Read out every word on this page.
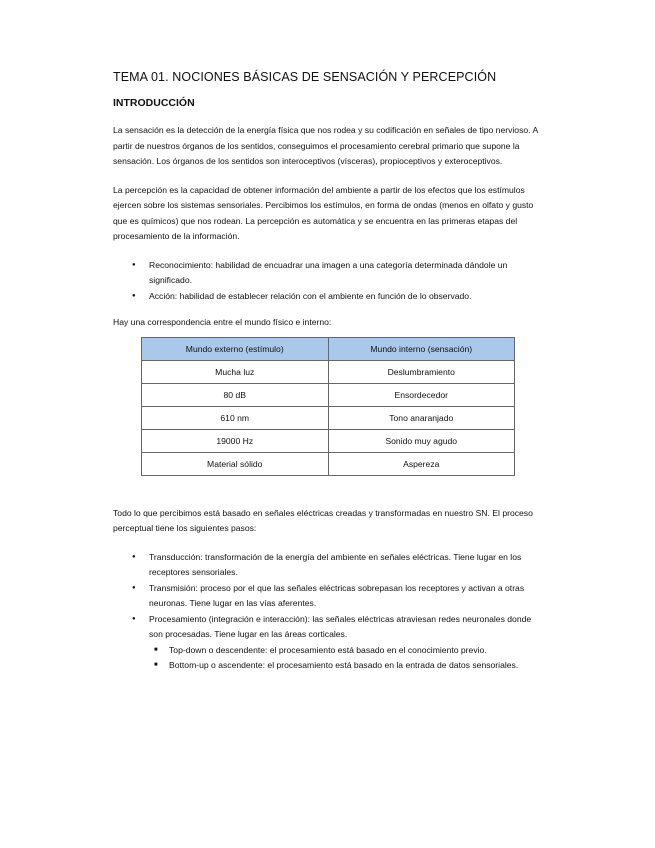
TEMA 01. NOCIONES BÁSICAS DE SENSACIÓN Y PERCEPCIÓN
INTRODUCCIÓN

La sensación es la detección de la energía física que nos rodea y su codificación en señales de tipo nervioso. A partir de nuestros órganos de los sentidos, conseguimos el procesamiento cerebral primario que supone la sensación. Los órganos de los sentidos son interoceptivos (vísceras), propioceptivos y exteroceptivos.

La percepción es la capacidad de obtener información del ambiente a partir de los efectos que los estímulos ejercen sobre los sistemas sensoriales. Percibimos los estímulos, en forma de ondas (menos en olfato y gusto que es químicos) que nos rodean. La percepción es automática y se encuentra en las primeras etapas del procesamiento de la información.

● Reconocimiento: habilidad de encuadrar una imagen a una categoría determinada dándole un significado.
● Acción: habilidad de establecer relación con el ambiente en función de lo observado.

Hay una correspondencia entre el mundo físico e interno:

Mundo externo (estímulo)	Mundo interno (sensación)
Mucha luz	Deslumbramiento
80 dB	Ensordecedor
610 nm	Tono anaranjado
19000 Hz	Sonido muy agudo
Material sólido	Aspereza

Todo lo que percibimos está basado en señales eléctricas creadas y transformadas en nuestro SN. El proceso perceptual tiene los siguientes pasos:

● Transducción: transformación de la energía del ambiente en señales eléctricas. Tiene lugar en los receptores sensoriales.
● Transmisión: proceso por el que las señales eléctricas sobrepasan los receptores y activan a otras neuronas. Tiene lugar en las vías aferentes.
● Procesamiento (integración e interacción): las señales eléctricas atraviesan redes neuronales donde son procesadas. Tiene lugar en las áreas corticales.
■ Top-down o descendente: el procesamiento está basado en el conocimiento previo.
■ Bottom-up o ascendente: el procesamiento está basado en la entrada de datos sensoriales.
